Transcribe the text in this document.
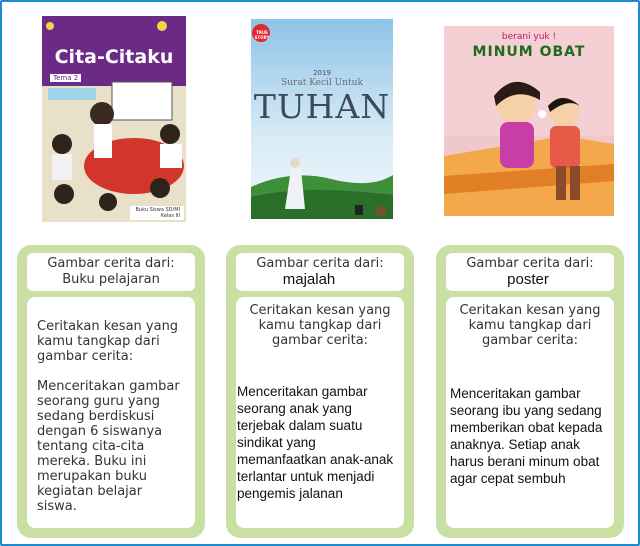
Cita-Citaku
Tema 2
Buku Siswa SD/MI
Kelas III
TRUE STORY
2019
Surat Kecil Untuk
TUHAN
berani yuk !
MINUM OBAT
Gambar cerita dari:
Buku pelajaran
Ceritakan kesan yang kamu tangkap dari gambar cerita:
Menceritakan gambar seorang guru yang sedang berdiskusi dengan 6 siswanya tentang cita-cita mereka. Buku ini merupakan buku kegiatan belajar siswa.
Gambar cerita dari:
majalah
Ceritakan kesan yang kamu tangkap dari gambar cerita:
Menceritakan gambar seorang anak yang terjebak dalam suatu sindikat yang memanfaatkan anak-anak terlantar untuk menjadi pengemis jalanan
Gambar cerita dari:
poster
Ceritakan kesan yang kamu tangkap dari gambar cerita:
Menceritakan gambar seorang ibu yang sedang memberikan obat kepada anaknya. Setiap anak harus berani minum obat agar cepat sembuh
